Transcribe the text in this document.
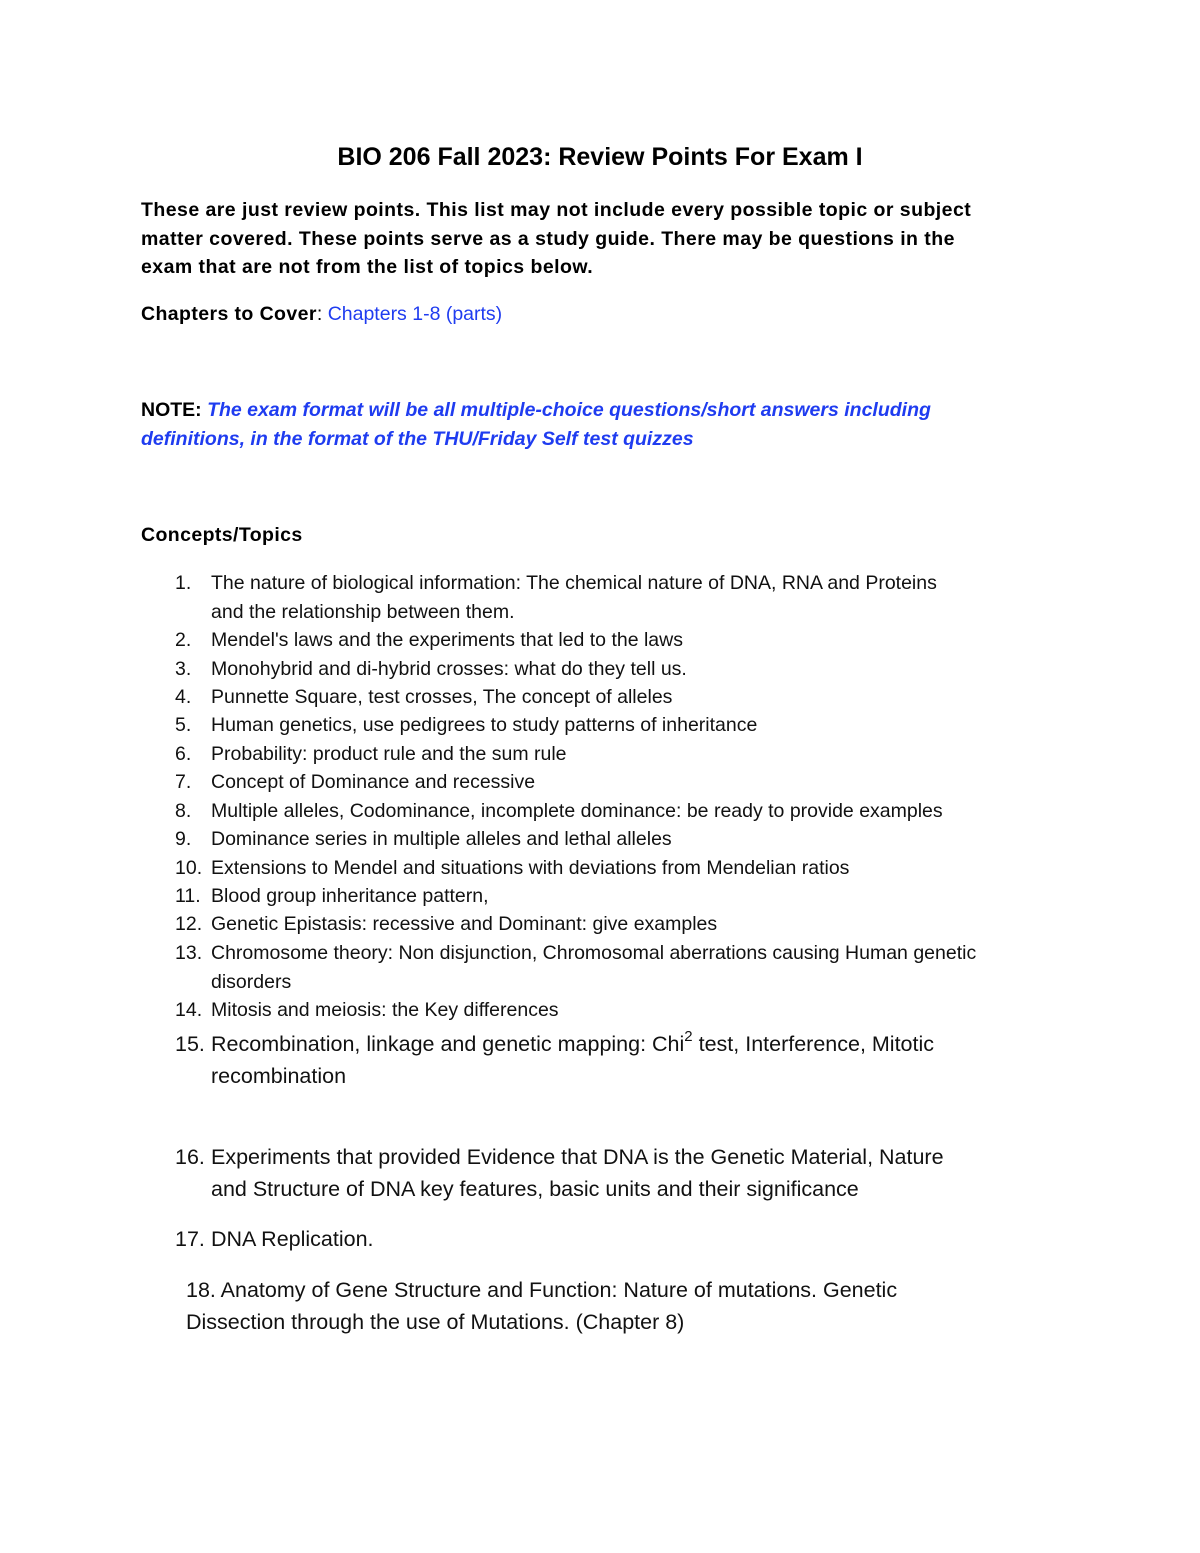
BIO 206 Fall 2023: Review Points For Exam I
These are just review points. This list may not include every possible topic or subject
matter covered. These points serve as a study guide. There may be questions in the
exam that are not from the list of topics below.
Chapters to Cover: Chapters 1-8 (parts)
NOTE: The exam format will be all multiple-choice questions/short answers including
definitions, in the format of the THU/Friday Self test quizzes
Concepts/Topics
1. The nature of biological information: The chemical nature of DNA, RNA and Proteins
and the relationship between them.
2. Mendel's laws and the experiments that led to the laws
3. Monohybrid and di-hybrid crosses: what do they tell us.
4. Punnette Square, test crosses, The concept of alleles
5. Human genetics, use pedigrees to study patterns of inheritance
6. Probability: product rule and the sum rule
7. Concept of Dominance and recessive
8. Multiple alleles, Codominance, incomplete dominance: be ready to provide examples
9. Dominance series in multiple alleles and lethal alleles
10. Extensions to Mendel and situations with deviations from Mendelian ratios
11. Blood group inheritance pattern,
12. Genetic Epistasis: recessive and Dominant: give examples
13. Chromosome theory: Non disjunction, Chromosomal aberrations causing Human genetic
disorders
14. Mitosis and meiosis: the Key differences
15. Recombination, linkage and genetic mapping: Chi$^2$ test, Interference, Mitotic
recombination
16. Experiments that provided Evidence that DNA is the Genetic Material, Nature
and Structure of DNA key features, basic units and their significance
17. DNA Replication.
18. Anatomy of Gene Structure and Function: Nature of mutations. Genetic
Dissection through the use of Mutations. (Chapter 8)
